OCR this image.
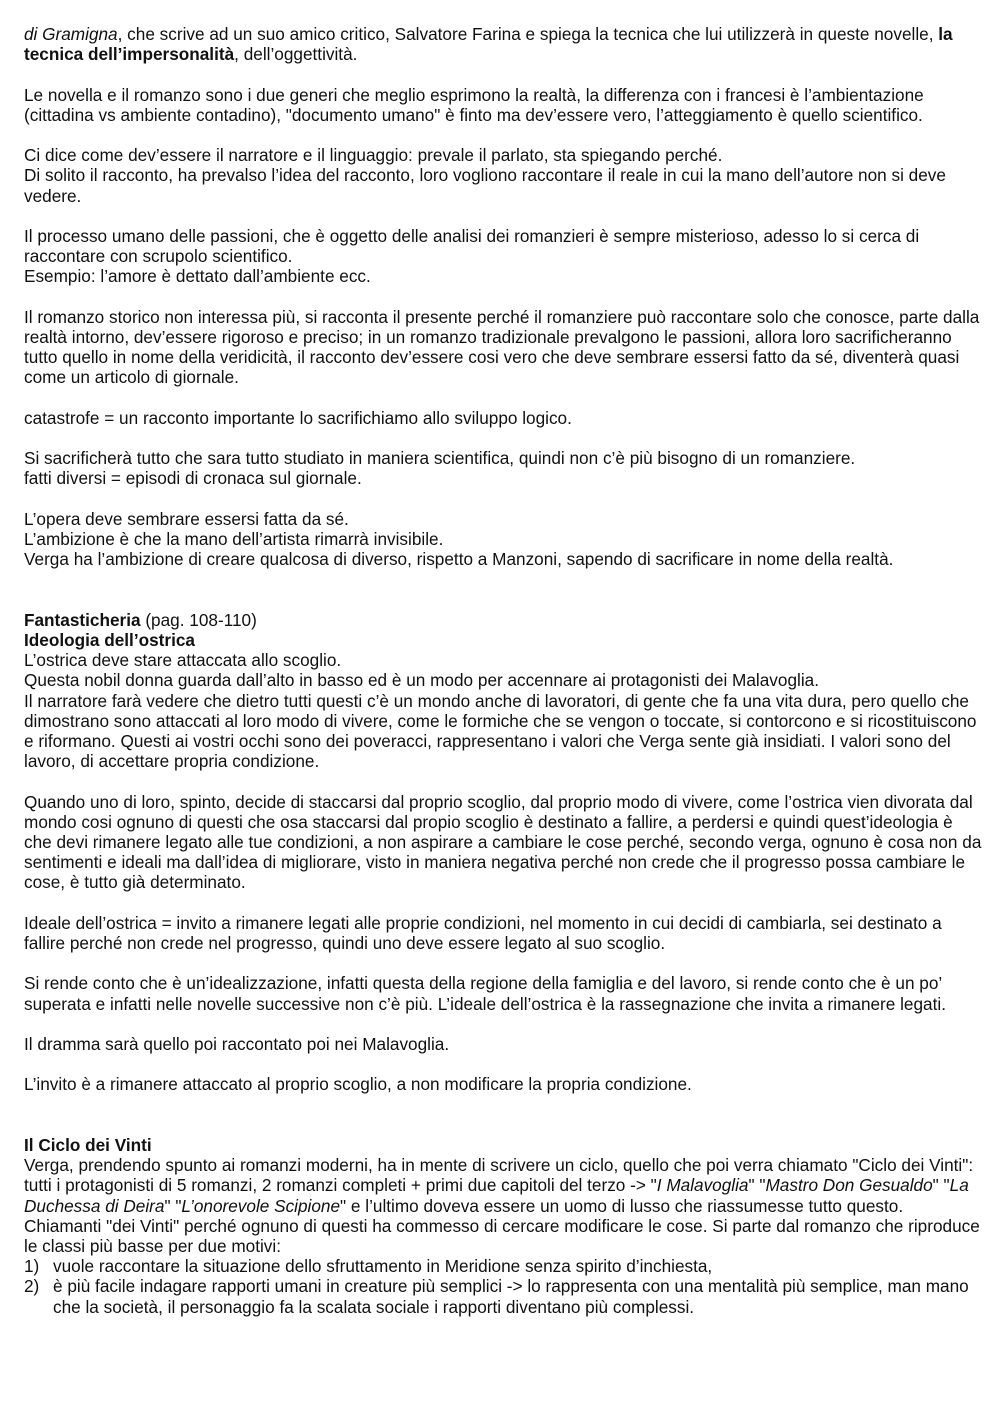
di Gramigna, che scrive ad un suo amico critico, Salvatore Farina e spiega la tecnica che lui utilizzerà in queste novelle, la tecnica dell’impersonalità, dell’oggettività.

Le novella e il romanzo sono i due generi che meglio esprimono la realtà, la differenza con i francesi è l’ambientazione (cittadina vs ambiente contadino), "documento umano" è finto ma dev’essere vero, l’atteggiamento è quello scientifico.

Ci dice come dev’essere il narratore e il linguaggio: prevale il parlato, sta spiegando perché.

Di solito il racconto, ha prevalso l’idea del racconto, loro vogliono raccontare il reale in cui la mano dell’autore non si deve vedere.

Il processo umano delle passioni, che è oggetto delle analisi dei romanzieri è sempre misterioso, adesso lo si cerca di raccontare con scrupolo scientifico.

Esempio: l’amore è dettato dall’ambiente ecc.

Il romanzo storico non interessa più, si racconta il presente perché il romanziere può raccontare solo che conosce, parte dalla realtà intorno, dev’essere rigoroso e preciso; in un romanzo tradizionale prevalgono le passioni, allora loro sacrificheranno tutto quello in nome della veridicità, il racconto dev’essere cosi vero che deve sembrare essersi fatto da sé, diventerà quasi come un articolo di giornale.

catastrofe = un racconto importante lo sacrifichiamo allo sviluppo logico.

Si sacrificherà tutto che sara tutto studiato in maniera scientifica, quindi non c’è più bisogno di un romanziere.

fatti diversi = episodi di cronaca sul giornale.

L’opera deve sembrare essersi fatta da sé.

L’ambizione è che la mano dell’artista rimarrà invisibile.

Verga ha l’ambizione di creare qualcosa di diverso, rispetto a Manzoni, sapendo di sacrificare in nome della realtà.

Fantasticheria (pag. 108-110)

Ideologia dell’ostrica

L’ostrica deve stare attaccata allo scoglio.

Questa nobil donna guarda dall’alto in basso ed è un modo per accennare ai protagonisti dei Malavoglia.

Il narratore farà vedere che dietro tutti questi c’è un mondo anche di lavoratori, di gente che fa una vita dura, pero quello che dimostrano sono attaccati al loro modo di vivere, come le formiche che se vengon o toccate, si contorcono e si ricostituiscono e riformano. Questi ai vostri occhi sono dei poveracci, rappresentano i valori che Verga sente già insidiati. I valori sono del lavoro, di accettare propria condizione.

Quando uno di loro, spinto, decide di staccarsi dal proprio scoglio, dal proprio modo di vivere, come l’ostrica vien divorata dal mondo cosi ognuno di questi che osa staccarsi dal propio scoglio è destinato a fallire, a perdersi e quindi quest’ideologia è che devi rimanere legato alle tue condizioni, a non aspirare a cambiare le cose perché, secondo verga, ognuno è cosa non da sentimenti e ideali ma dall’idea di migliorare, visto in maniera negativa perché non crede che il progresso possa cambiare le cose, è tutto già determinato.

Ideale dell’ostrica = invito a rimanere legati alle proprie condizioni, nel momento in cui decidi di cambiarla, sei destinato a fallire perché non crede nel progresso, quindi uno deve essere legato al suo scoglio.

Si rende conto che è un’idealizzazione, infatti questa della regione della famiglia e del lavoro, si rende conto che è un po’ superata e infatti nelle novelle successive non c’è più. L’ideale dell’ostrica è la rassegnazione che invita a rimanere legati.

Il dramma sarà quello poi raccontato poi nei Malavoglia.

L’invito è a rimanere attaccato al proprio scoglio, a non modificare la propria condizione.

Il Ciclo dei Vinti

Verga, prendendo spunto ai romanzi moderni, ha in mente di scrivere un ciclo, quello che poi verra chiamato "Ciclo dei Vinti": tutti i protagonisti di 5 romanzi, 2 romanzi completi + primi due capitoli del terzo -> "I Malavoglia" "Mastro Don Gesualdo" "La Duchessa di Deira" "L’onorevole Scipione" e l’ultimo doveva essere un uomo di lusso che riassumesse tutto questo.

Chiamanti "dei Vinti" perché ognuno di questi ha commesso di cercare modificare le cose. Si parte dal romanzo che riproduce le classi più basse per due motivi:

1) vuole raccontare la situazione dello sfruttamento in Meridione senza spirito d’inchiesta,
2) è più facile indagare rapporti umani in creature più semplici -> lo rappresenta con una mentalità più semplice, man mano che la società, il personaggio fa la scalata sociale i rapporti diventano più complessi.
